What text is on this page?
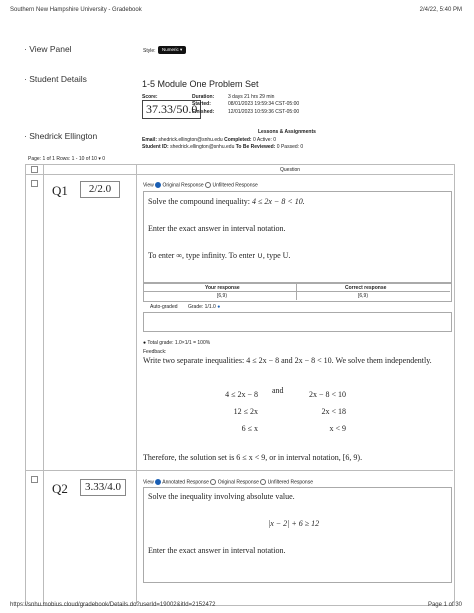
Southern New Hampshire University - Gradebook	2/4/22, 5:40 PM
· View Panel
· Student Details
· Shedrick Ellington
Style:	Numeric ▾
1-5 Module One Problem Set
Score:
37.33/50.0
Duration:	3 days 21 hrs 29 min
Started:	08/01/2023 19:59:34 CST-05:00
Finished:	12/01/2023 10:59:36 CST-05:00
Lessons & Assignments
Email: shedrick.ellington@snhu.edu Completed: 0 Active: 0
Student ID: shedrick.ellington@snhu.edu To Be Reviewed: 0 Passed: 0
Page: 1 of 1 Rows: 1 - 10 of 10 ▾ 0
Question
Q1	2/2.0	View Original Response Unfiltered Response
Solve the compound inequality: 4 ≤ 2x − 8 < 10.
Enter the exact answer in interval notation.
To enter ∞, type infinity. To enter ∪, type U.
Your response	Correct response
[6,9)	[6,9)
Auto-graded Grade: 1/1.0 ●
● Total grade: 1.0×1/1 = 100%
Feedback:
Write two separate inequalities: 4 ≤ 2x − 8 and 2x − 8 < 10. We solve them independently.
4 ≤ 2x − 8
12 ≤ 2x
6 ≤ x
and	2x − 8 < 10
2x < 18
x < 9
Therefore, the solution set is 6 ≤ x < 9, or in interval notation, [6, 9).
Q2	3.33/4.0	View Annotated Response Original Response Unfiltered Response
Solve the inequality involving absolute value.
|x − 2| + 6 ≥ 12
Enter the exact answer in interval notation.
https://snhu.mobius.cloud/gradebook/Details.do?userId=19002&itId=2152472	Page 1 of 30
